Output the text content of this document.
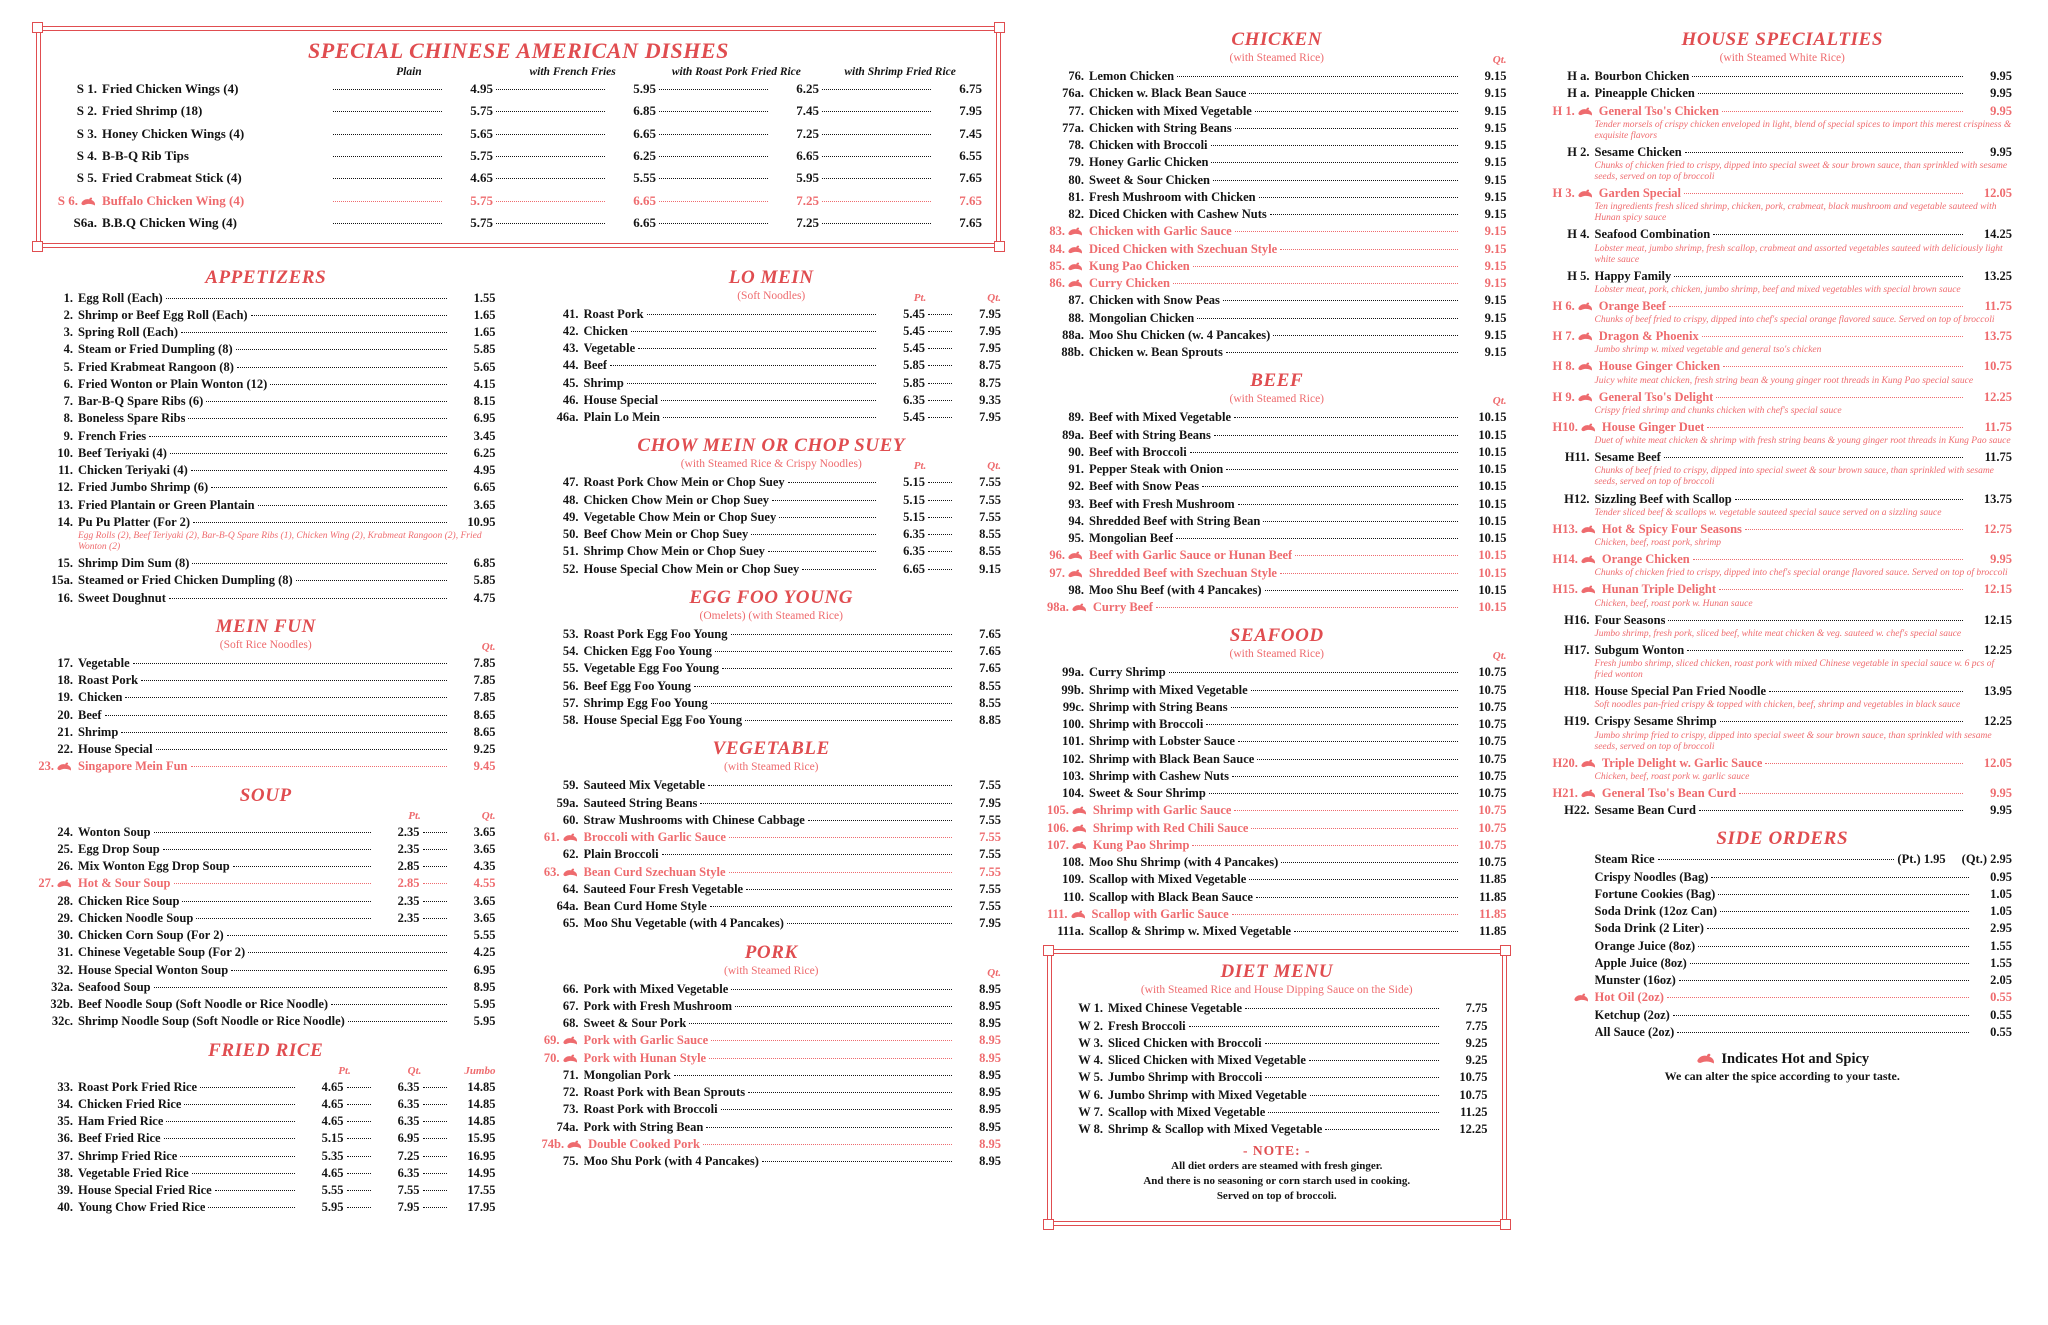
SPECIAL CHINESE AMERICAN DISHES
Plain	with French Fries	with Roast Pork Fried Rice	with Shrimp Fried Rice
S 1. Fried Chicken Wings (4)	4.95	5.95	6.25	6.75
S 2. Fried Shrimp (18)	5.75	6.85	7.45	7.95
S 3. Honey Chicken Wings (4)	5.65	6.65	7.25	7.45
S 4. B-B-Q Rib Tips	5.75	6.25	6.65	6.55
S 5. Fried Crabmeat Stick (4)	4.65	5.55	5.95	7.65
S 6.	Buffalo Chicken Wing (4)	5.75	6.65	7.25	7.65
S6a. B.B.Q Chicken Wing (4)	5.75	6.65	7.25	7.65
APPETIZERS
1. Egg Roll (Each)	1.55
2. Shrimp or Beef Egg Roll (Each)	1.65
3. Spring Roll (Each)	1.65
4. Steam or Fried Dumpling (8)	5.85
5. Fried Krabmeat Rangoon (8)	5.65
6. Fried Wonton or Plain Wonton (12)	4.15
7. Bar-B-Q Spare Ribs (6)	8.15
8. Boneless Spare Ribs	6.95
9. French Fries	3.45
10. Beef Teriyaki (4)	6.25
11. Chicken Teriyaki (4)	4.95
12. Fried Jumbo Shrimp (6)	6.65
13. Fried Plantain or Green Plantain	3.65
14. Pu Pu Platter (For 2)	10.95
Egg Rolls (2), Beef Teriyaki (2), Bar-B-Q Spare Ribs (1), Chicken Wing (2), Krabmeat Rangoon (2), Fried Wonton (2)
15. Shrimp Dim Sum (8)	6.85
15a. Steamed or Fried Chicken Dumpling (8)	5.85
16. Sweet Doughnut	4.75
MEIN FUN
(Soft Rice Noodles)	Qt.
17. Vegetable	7.85
18. Roast Pork	7.85
19. Chicken	7.85
20. Beef	8.65
21. Shrimp	8.65
22. House Special	9.25
23.	Singapore Mein Fun	9.45
SOUP
Pt.	Qt.
24. Wonton Soup	2.35	3.65
25. Egg Drop Soup	2.35	3.65
26. Mix Wonton Egg Drop Soup	2.85	4.35
27.	Hot & Sour Soup	2.85	4.55
28. Chicken Rice Soup	2.35	3.65
29. Chicken Noodle Soup	2.35	3.65
30. Chicken Corn Soup (For 2)	5.55
31. Chinese Vegetable Soup (For 2)	4.25
32. House Special Wonton Soup	6.95
32a. Seafood Soup	8.95
32b. Beef Noodle Soup (Soft Noodle or Rice Noodle)	5.95
32c. Shrimp Noodle Soup (Soft Noodle or Rice Noodle)	5.95
FRIED RICE
Pt.	Qt.	Jumbo
33. Roast Pork Fried Rice	4.65	6.35	14.85
34. Chicken Fried Rice	4.65	6.35	14.85
35. Ham Fried Rice	4.65	6.35	14.85
36. Beef Fried Rice	5.15	6.95	15.95
37. Shrimp Fried Rice	5.35	7.25	16.95
38. Vegetable Fried Rice	4.65	6.35	14.95
39. House Special Fried Rice	5.55	7.55	17.55
40. Young Chow Fried Rice	5.95	7.95	17.95
LO MEIN
(Soft Noodles)	Pt.	Qt.
41. Roast Pork	5.45	7.95
42. Chicken	5.45	7.95
43. Vegetable	5.45	7.95
44. Beef	5.85	8.75
45. Shrimp	5.85	8.75
46. House Special	6.35	9.35
46a. Plain Lo Mein	5.45	7.95
CHOW MEIN OR CHOP SUEY
(with Steamed Rice & Crispy Noodles)	Pt.	Qt.
47. Roast Pork Chow Mein or Chop Suey	5.15	7.55
48. Chicken Chow Mein or Chop Suey	5.15	7.55
49. Vegetable Chow Mein or Chop Suey	5.15	7.55
50. Beef Chow Mein or Chop Suey	6.35	8.55
51. Shrimp Chow Mein or Chop Suey	6.35	8.55
52. House Special Chow Mein or Chop Suey	6.65	9.15
EGG FOO YOUNG
(Omelets) (with Steamed Rice)
53. Roast Pork Egg Foo Young	7.65
54. Chicken Egg Foo Young	7.65
55. Vegetable Egg Foo Young	7.65
56. Beef Egg Foo Young	8.55
57. Shrimp Egg Foo Young	8.55
58. House Special Egg Foo Young	8.85
VEGETABLE
(with Steamed Rice)
59. Sauteed Mix Vegetable	7.55
59a. Sauteed String Beans	7.95
60. Straw Mushrooms with Chinese Cabbage	7.55
61.	Broccoli with Garlic Sauce	7.55
62. Plain Broccoli	7.55
63.	Bean Curd Szechuan Style	7.55
64. Sauteed Four Fresh Vegetable	7.55
64a. Bean Curd Home Style	7.55
65. Moo Shu Vegetable (with 4 Pancakes)	7.95
PORK
(with Steamed Rice)	Qt.
66. Pork with Mixed Vegetable	8.95
67. Pork with Fresh Mushroom	8.95
68. Sweet & Sour Pork	8.95
69.	Pork with Garlic Sauce	8.95
70.	Pork with Hunan Style	8.95
71. Mongolian Pork	8.95
72. Roast Pork with Bean Sprouts	8.95
73. Roast Pork with Broccoli	8.95
74a. Pork with String Bean	8.95
74b.	Double Cooked Pork	8.95
75. Moo Shu Pork (with 4 Pancakes)	8.95
CHICKEN
(with Steamed Rice)	Qt.
76. Lemon Chicken	9.15
76a. Chicken w. Black Bean Sauce	9.15
77. Chicken with Mixed Vegetable	9.15
77a. Chicken with String Beans	9.15
78. Chicken with Broccoli	9.15
79. Honey Garlic Chicken	9.15
80. Sweet & Sour Chicken	9.15
81. Fresh Mushroom with Chicken	9.15
82. Diced Chicken with Cashew Nuts	9.15
83.	Chicken with Garlic Sauce	9.15
84.	Diced Chicken with Szechuan Style	9.15
85.	Kung Pao Chicken	9.15
86.	Curry Chicken	9.15
87. Chicken with Snow Peas	9.15
88. Mongolian Chicken	9.15
88a. Moo Shu Chicken (w. 4 Pancakes)	9.15
88b. Chicken w. Bean Sprouts	9.15
BEEF
(with Steamed Rice)	Qt.
89. Beef with Mixed Vegetable	10.15
89a. Beef with String Beans	10.15
90. Beef with Broccoli	10.15
91. Pepper Steak with Onion	10.15
92. Beef with Snow Peas	10.15
93. Beef with Fresh Mushroom	10.15
94. Shredded Beef with String Bean	10.15
95. Mongolian Beef	10.15
96.	Beef with Garlic Sauce or Hunan Beef	10.15
97.	Shredded Beef with Szechuan Style	10.15
98. Moo Shu Beef (with 4 Pancakes)	10.15
98a.	Curry Beef	10.15
SEAFOOD
(with Steamed Rice)	Qt.
99a. Curry Shrimp	10.75
99b. Shrimp with Mixed Vegetable	10.75
99c. Shrimp with String Beans	10.75
100. Shrimp with Broccoli	10.75
101. Shrimp with Lobster Sauce	10.75
102. Shrimp with Black Bean Sauce	10.75
103. Shrimp with Cashew Nuts	10.75
104. Sweet & Sour Shrimp	10.75
105.	Shrimp with Garlic Sauce	10.75
106.	Shrimp with Red Chili Sauce	10.75
107.	Kung Pao Shrimp	10.75
108. Moo Shu Shrimp (with 4 Pancakes)	10.75
109. Scallop with Mixed Vegetable	11.85
110. Scallop with Black Bean Sauce	11.85
111.	Scallop with Garlic Sauce	11.85
111a. Scallop & Shrimp w. Mixed Vegetable	11.85
DIET MENU
(with Steamed Rice and House Dipping Sauce on the Side)
W 1. Mixed Chinese Vegetable	7.75
W 2. Fresh Broccoli	7.75
W 3. Sliced Chicken with Broccoli	9.25
W 4. Sliced Chicken with Mixed Vegetable	9.25
W 5. Jumbo Shrimp with Broccoli	10.75
W 6. Jumbo Shrimp with Mixed Vegetable	10.75
W 7. Scallop with Mixed Vegetable	11.25
W 8. Shrimp & Scallop with Mixed Vegetable	12.25
- NOTE: -
All diet orders are steamed with fresh ginger.
And there is no seasoning or corn starch used in cooking.
Served on top of broccoli.
HOUSE SPECIALTIES
(with Steamed White Rice)
H a. Bourbon Chicken	9.95
H a. Pineapple Chicken	9.95
H 1.	General Tso's Chicken	9.95
Tender morsels of crispy chicken enveloped in light, blend of special spices to import this merest crispiness & exquisite flavors
H 2. Sesame Chicken	9.95
Chunks of chicken fried to crispy, dipped into special sweet & sour brown sauce, than sprinkled with sesame seeds, served on top of broccoli
H 3.	Garden Special	12.05
Ten ingredients fresh sliced shrimp, chicken, pork, crabmeat, black mushroom and vegetable sauteed with Hunan spicy sauce
H 4. Seafood Combination	14.25
Lobster meat, jumbo shrimp, fresh scallop, crabmeat and assorted vegetables sauteed with deliciously light white sauce
H 5. Happy Family	13.25
Lobster meat, pork, chicken, jumbo shrimp, beef and mixed vegetables with special brown sauce
H 6.	Orange Beef	11.75
Chunks of beef fried to crispy, dipped into chef's special orange flavored sauce. Served on top of broccoli
H 7.	Dragon & Phoenix	13.75
Jumbo shrimp w. mixed vegetable and general tso's chicken
H 8.	House Ginger Chicken	10.75
Juicy white meat chicken, fresh string bean & young ginger root threads in Kung Pao special sauce
H 9.	General Tso's Delight	12.25
Crispy fried shrimp and chunks chicken with chef's special sauce
H10.	House Ginger Duet	11.75
Duet of white meat chicken & shrimp with fresh string beans & young ginger root threads in Kung Pao sauce
H11. Sesame Beef	11.75
Chunks of beef fried to crispy, dipped into special sweet & sour brown sauce, than sprinkled with sesame seeds, served on top of broccoli
H12. Sizzling Beef with Scallop	13.75
Tender sliced beef & scallops w. vegetable sauteed special sauce served on a sizzling sauce
H13.	Hot & Spicy Four Seasons	12.75
Chicken, beef, roast pork, shrimp
H14.	Orange Chicken	9.95
Chunks of chicken fried to crispy, dipped into chef's special orange flavored sauce. Served on top of broccoli
H15.	Hunan Triple Delight	12.15
Chicken, beef, roast pork w. Hunan sauce
H16. Four Seasons	12.15
Jumbo shrimp, fresh pork, sliced beef, white meat chicken & veg. sauteed w. chef's special sauce
H17. Subgum Wonton	12.25
Fresh jumbo shrimp, sliced chicken, roast pork with mixed Chinese vegetable in special sauce w. 6 pcs of fried wonton
H18. House Special Pan Fried Noodle	13.95
Soft noodles pan-fried crispy & topped with chicken, beef, shrimp and vegetables in black sauce
H19. Crispy Sesame Shrimp	12.25
Jumbo shrimp fried to crispy, dipped into special sweet & sour brown sauce, than sprinkled with sesame seeds, served on top of broccoli
H20.	Triple Delight w. Garlic Sauce	12.05
Chicken, beef, roast pork w. garlic sauce
H21.	General Tso's Bean Curd	9.95
H22. Sesame Bean Curd	9.95
SIDE ORDERS
Steam Rice	(Pt.) 1.95 (Qt.) 2.95
Crispy Noodles (Bag)	0.95
Fortune Cookies (Bag)	1.05
Soda Drink (12oz Can)	1.05
Soda Drink (2 Liter)	2.95
Orange Juice (8oz)	1.55
Apple Juice (8oz)	1.55
Munster (16oz)	2.05
Hot Oil (2oz)	0.55
Ketchup (2oz)	0.55
All Sauce (2oz)	0.55
Indicates Hot and Spicy
We can alter the spice according to your taste.
